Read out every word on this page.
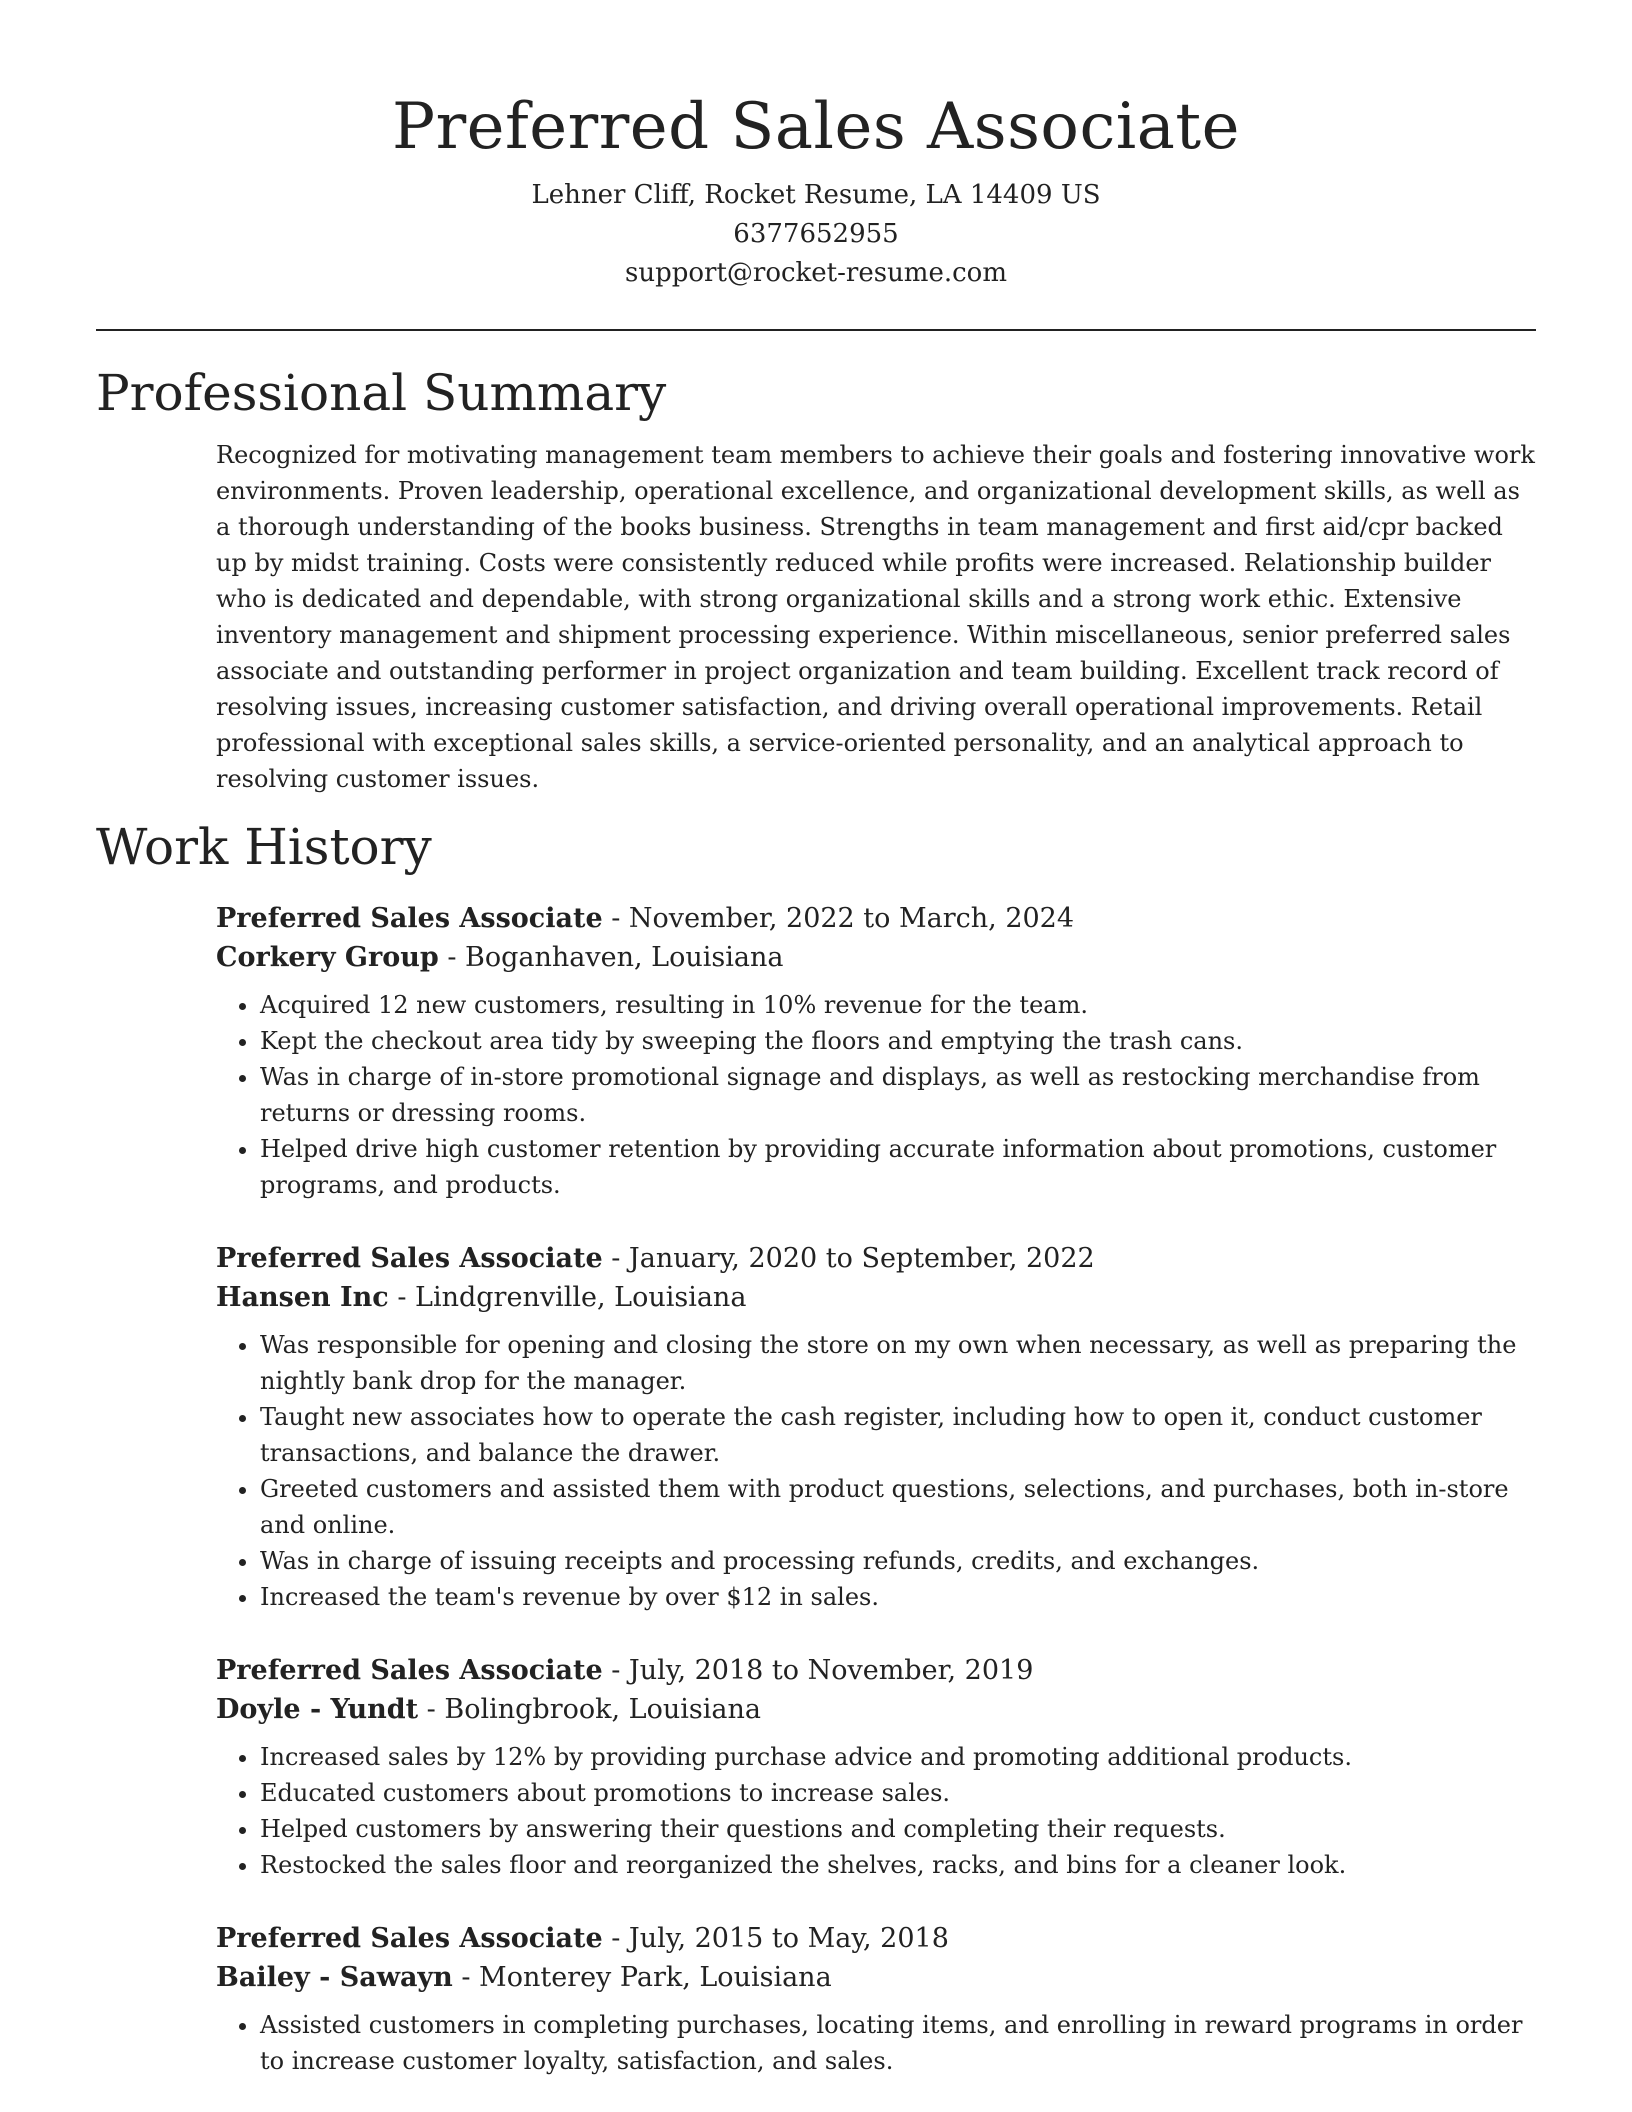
Preferred Sales Associate
Lehner Cliff, Rocket Resume, LA 14409 US
6377652955
support@rocket-resume.com
Professional Summary

Recognized for motivating management team members to achieve their goals and fostering innovative work environments. Proven leadership, operational excellence, and organizational development skills, as well as a thorough understanding of the books business. Strengths in team management and first aid/cpr backed up by midst training. Costs were consistently reduced while profits were increased. Relationship builder who is dedicated and dependable, with strong organizational skills and a strong work ethic. Extensive inventory management and shipment processing experience. Within miscellaneous, senior preferred sales associate and outstanding performer in project organization and team building. Excellent track record of resolving issues, increasing customer satisfaction, and driving overall operational improvements. Retail professional with exceptional sales skills, a service-oriented personality, and an analytical approach to resolving customer issues.

Work History
Preferred Sales Associate - November, 2022 to March, 2024
Corkery Group - Boganhaven, Louisiana
• Acquired 12 new customers, resulting in 10% revenue for the team.
• Kept the checkout area tidy by sweeping the floors and emptying the trash cans.
• Was in charge of in-store promotional signage and displays, as well as restocking merchandise from returns or dressing rooms.
• Helped drive high customer retention by providing accurate information about promotions, customer programs, and products.
Preferred Sales Associate - January, 2020 to September, 2022
Hansen Inc - Lindgrenville, Louisiana
• Was responsible for opening and closing the store on my own when necessary, as well as preparing the nightly bank drop for the manager.
• Taught new associates how to operate the cash register, including how to open it, conduct customer transactions, and balance the drawer.
• Greeted customers and assisted them with product questions, selections, and purchases, both in-store and online.
• Was in charge of issuing receipts and processing refunds, credits, and exchanges.
• Increased the team's revenue by over $12 in sales.
Preferred Sales Associate - July, 2018 to November, 2019
Doyle - Yundt - Bolingbrook, Louisiana
• Increased sales by 12% by providing purchase advice and promoting additional products.
• Educated customers about promotions to increase sales.
• Helped customers by answering their questions and completing their requests.
• Restocked the sales floor and reorganized the shelves, racks, and bins for a cleaner look.
Preferred Sales Associate - July, 2015 to May, 2018
Bailey - Sawayn - Monterey Park, Louisiana
• Assisted customers in completing purchases, locating items, and enrolling in reward programs in order to increase customer loyalty, satisfaction, and sales.
